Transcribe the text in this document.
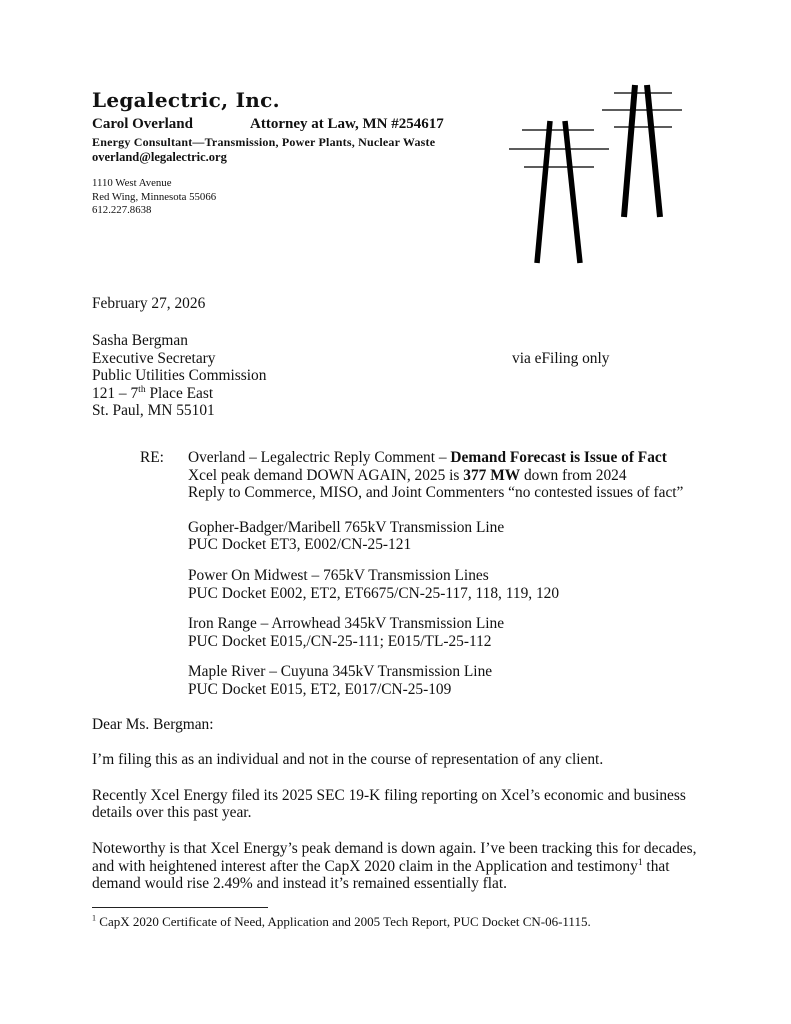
Legalectric, Inc.
Carol Overland	Attorney at Law, MN #254617
Energy Consultant—Transmission, Power Plants, Nuclear Waste
overland@legalectric.org
1110 West Avenue
Red Wing, Minnesota 55066
612.227.8638
February 27, 2026
Sasha Bergman
Executive Secretary	via eFiling only
Public Utilities Commission
121 – 7th Place East
St. Paul, MN 55101
RE:	Overland – Legalectric Reply Comment – Demand Forecast is Issue of Fact
Xcel peak demand DOWN AGAIN, 2025 is 377 MW down from 2024
Reply to Commerce, MISO, and Joint Commenters “no contested issues of fact”
Gopher-Badger/Maribell 765kV Transmission Line
PUC Docket ET3, E002/CN-25-121
Power On Midwest – 765kV Transmission Lines
PUC Docket E002, ET2, ET6675/CN-25-117, 118, 119, 120
Iron Range – Arrowhead 345kV Transmission Line
PUC Docket E015,/CN-25-111; E015/TL-25-112
Maple River – Cuyuna 345kV Transmission Line
PUC Docket E015, ET2, E017/CN-25-109
Dear Ms. Bergman:
I’m filing this as an individual and not in the course of representation of any client.
Recently Xcel Energy filed its 2025 SEC 19-K filing reporting on Xcel’s economic and business details over this past year.
Noteworthy is that Xcel Energy’s peak demand is down again. I’ve been tracking this for decades, and with heightened interest after the CapX 2020 claim in the Application and testimony$^1$ that demand would rise 2.49% and instead it’s remained essentially flat.
$^1$ CapX 2020 Certificate of Need, Application and 2005 Tech Report, PUC Docket CN-06-1115.
